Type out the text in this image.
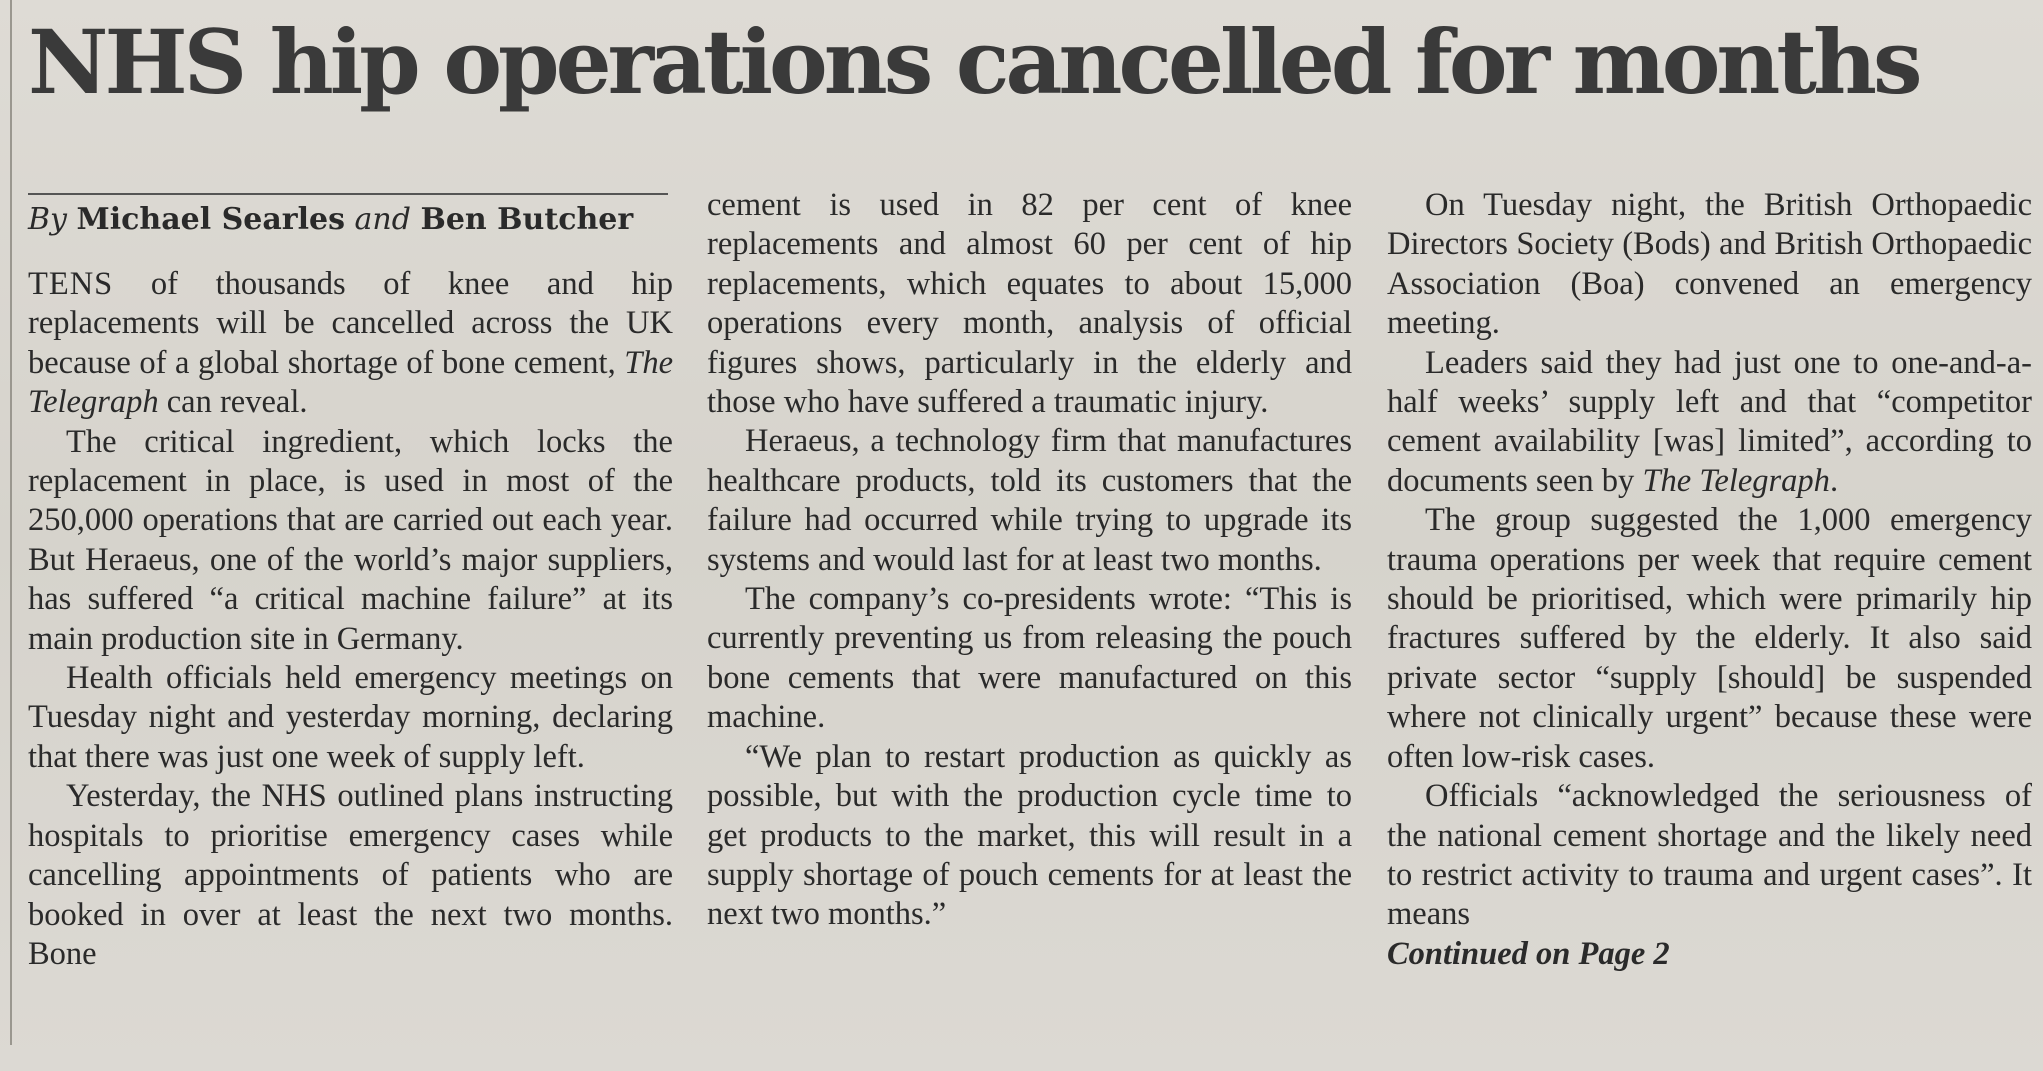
NHS hip operations cancelled for months
By Michael Searles and Ben Butcher

TENS of thousands of knee and hip replacements will be cancelled across the UK because of a global shortage of bone cement, The Telegraph can reveal.

The critical ingredient, which locks the replacement in place, is used in most of the 250,000 operations that are carried out each year. But Heraeus, one of the world’s major suppliers, has suffered “a critical machine failure” at its main production site in Germany.

Health officials held emergency meetings on Tuesday night and yesterday morning, declaring that there was just one week of supply left.

Yesterday, the NHS outlined plans instructing hospitals to prioritise emergency cases while cancelling appointments of patients who are booked in over at least the next two months. Bone

cement is used in 82 per cent of knee replacements and almost 60 per cent of hip replacements, which equates to about 15,000 operations every month, analysis of official figures shows, particularly in the elderly and those who have suffered a traumatic injury.

Heraeus, a technology firm that manufactures healthcare products, told its customers that the failure had occurred while trying to upgrade its systems and would last for at least two months.

The company’s co-presidents wrote: “This is currently preventing us from releasing the pouch bone cements that were manufactured on this machine.

“We plan to restart production as quickly as possible, but with the production cycle time to get products to the market, this will result in a supply shortage of pouch cements for at least the next two months.”

On Tuesday night, the British Orthopaedic Directors Society (Bods) and British Orthopaedic Association (Boa) convened an emergency meeting.

Leaders said they had just one to one-and-a-half weeks’ supply left and that “competitor cement availability [was] limited”, according to documents seen by The Telegraph.

The group suggested the 1,000 emergency trauma operations per week that require cement should be prioritised, which were primarily hip fractures suffered by the elderly. It also said private sector “supply [should] be suspended where not clinically urgent” because these were often low-risk cases.

Officials “acknowledged the seriousness of the national cement shortage and the likely need to restrict activity to trauma and urgent cases”. It means

Continued on Page 2
